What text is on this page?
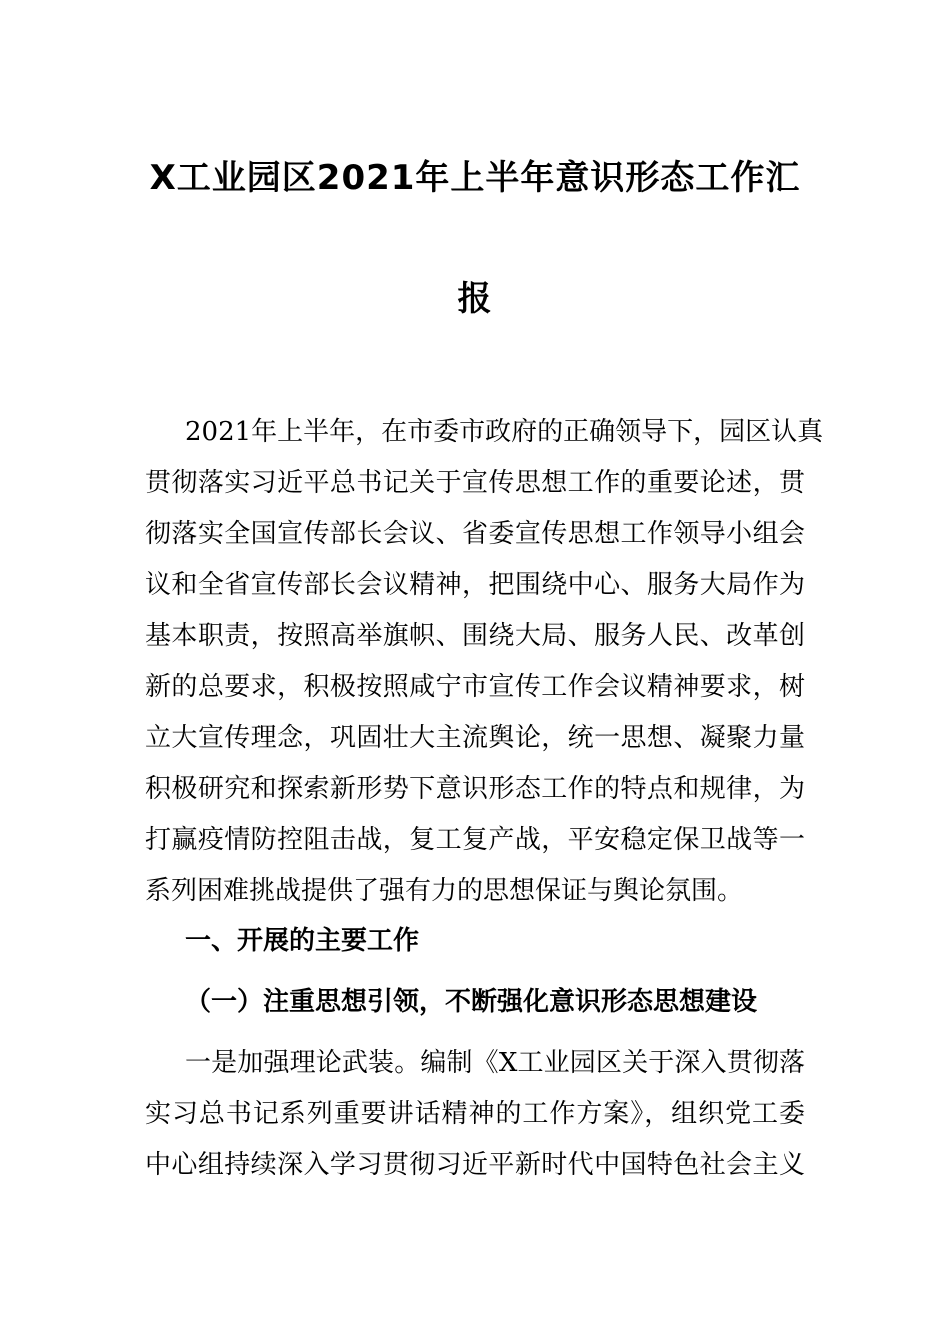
X工业园区2021年上半年意识形态工作汇
报
2021年上半年，在市委市政府的正确领导下，园区认真
贯彻落实习近平总书记关于宣传思想工作的重要论述，贯
彻落实全国宣传部长会议、省委宣传思想工作领导小组会
议和全省宣传部长会议精神，把围绕中心、服务大局作为
基本职责，按照高举旗帜、围绕大局、服务人民、改革创
新的总要求，积极按照咸宁市宣传工作会议精神要求，树
立大宣传理念，巩固壮大主流舆论，统一思想、凝聚力量
积极研究和探索新形势下意识形态工作的特点和规律，为
打赢疫情防控阻击战，复工复产战，平安稳定保卫战等一
系列困难挑战提供了强有力的思想保证与舆论氛围。
一、开展的主要工作
（一）注重思想引领，不断强化意识形态思想建设
一是加强理论武装。编制《X工业园区关于深入贯彻落
实习总书记系列重要讲话精神的工作方案》，组织党工委
中心组持续深入学习贯彻习近平新时代中国特色社会主义
